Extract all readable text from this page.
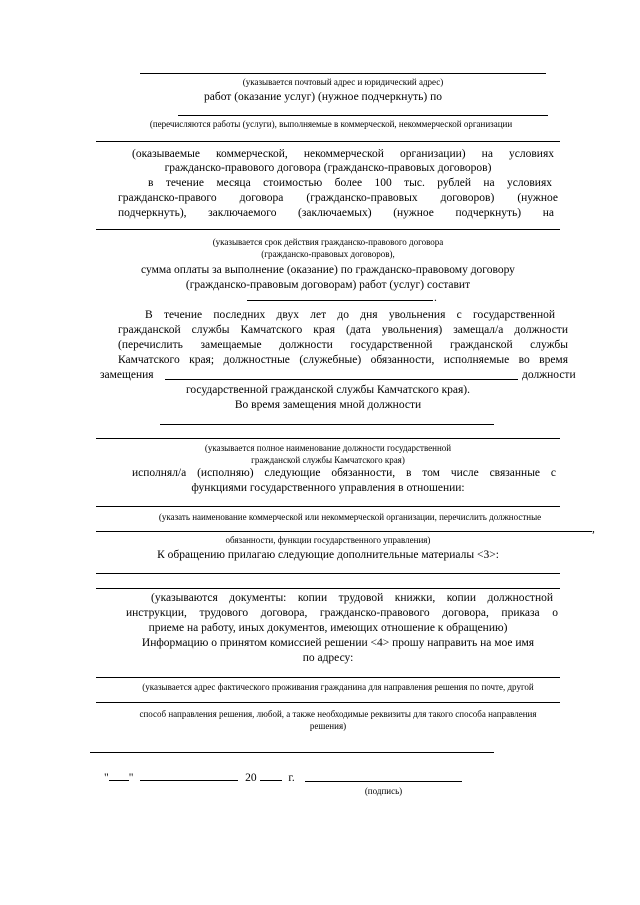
(указывается почтовый адрес и юридический адрес)
работ (оказание услуг) (нужное подчеркнуть) по
(перечисляются работы (услуги), выполняемые в коммерческой, некоммерческой организации
(оказываемые коммерческой, некоммерческой организации) на условиях
гражданско-правового договора (гражданско-правовых договоров)
в течение месяца стоимостью более 100 тыс. рублей на условиях
гражданско-правого договора (гражданско-правовых договоров) (нужное
подчеркнуть), заключаемого (заключаемых) (нужное подчеркнуть) на
(указывается срок действия гражданско-правового договора
(гражданско-правовых договоров),
сумма оплаты за выполнение (оказание) по гражданско-правовому договору
(гражданско-правовым договорам) работ (услуг) составит
.
В течение последних двух лет до дня увольнения с государственной
гражданской службы Камчатского края (дата увольнения) замещал/а должности
(перечислить замещаемые должности государственной гражданской службы
Камчатского края; должностные (служебные) обязанности, исполняемые во время
замещения	должности
государственной гражданской службы Камчатского края).
Во время замещения мной должности
(указывается полное наименование должности государственной
гражданской службы Камчатского края)
исполнял/а (исполняю) следующие обязанности, в том числе связанные с
функциями государственного управления в отношении:
(указать наименование коммерческой или некоммерческой организации, перечислить должностные
,
обязанности, функции государственного управления)
К обращению прилагаю следующие дополнительные материалы <3>:
(указываются документы: копии трудовой книжки, копии должностной
инструкции, трудового договора, гражданско-правового договора, приказа о
приеме на работу, иных документов, имеющих отношение к обращению)
Информацию о принятом комиссией решении <4> прошу направить на мое имя
по адресу:
(указывается адрес фактического проживания гражданина для направления решения по почте, другой
способ направления решения, любой, а также необходимые реквизиты для такого способа направления
решения)
" "	20	г.
(подпись)
